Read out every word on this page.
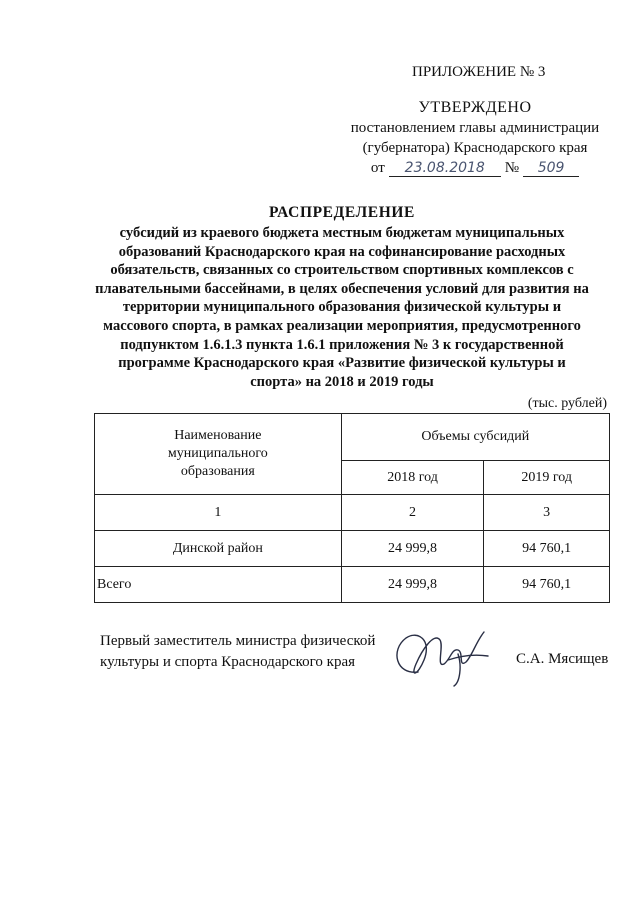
ПРИЛОЖЕНИЕ № 3
УТВЕРЖДЕНО
постановлением главы администрации
(губернатора) Краснодарского края
от	23.08.2018	№	509
РАСПРЕДЕЛЕНИЕ
субсидий из краевого бюджета местным бюджетам муниципальных образований Краснодарского края на софинансирование расходных обязательств, связанных со строительством спортивных комплексов с плавательными бассейнами, в целях обеспечения условий для развития на территории муниципального образования физической культуры и массового спорта, в рамках реализации мероприятия, предусмотренного подпунктом 1.6.1.3 пункта 1.6.1 приложения № 3 к государственной программе Краснодарского края «Развитие физической культуры и спорта» на 2018 и 2019 годы
(тыс. рублей)
Наименование муниципального образования	Объемы субсидий	
	2018 год	2019 год
1	2	3
Динской район	24 999,8	94 760,1
Всего	24 999,8	94 760,1
Первый заместитель министра физической
культуры и спорта Краснодарского края	С.А. Мясищев
